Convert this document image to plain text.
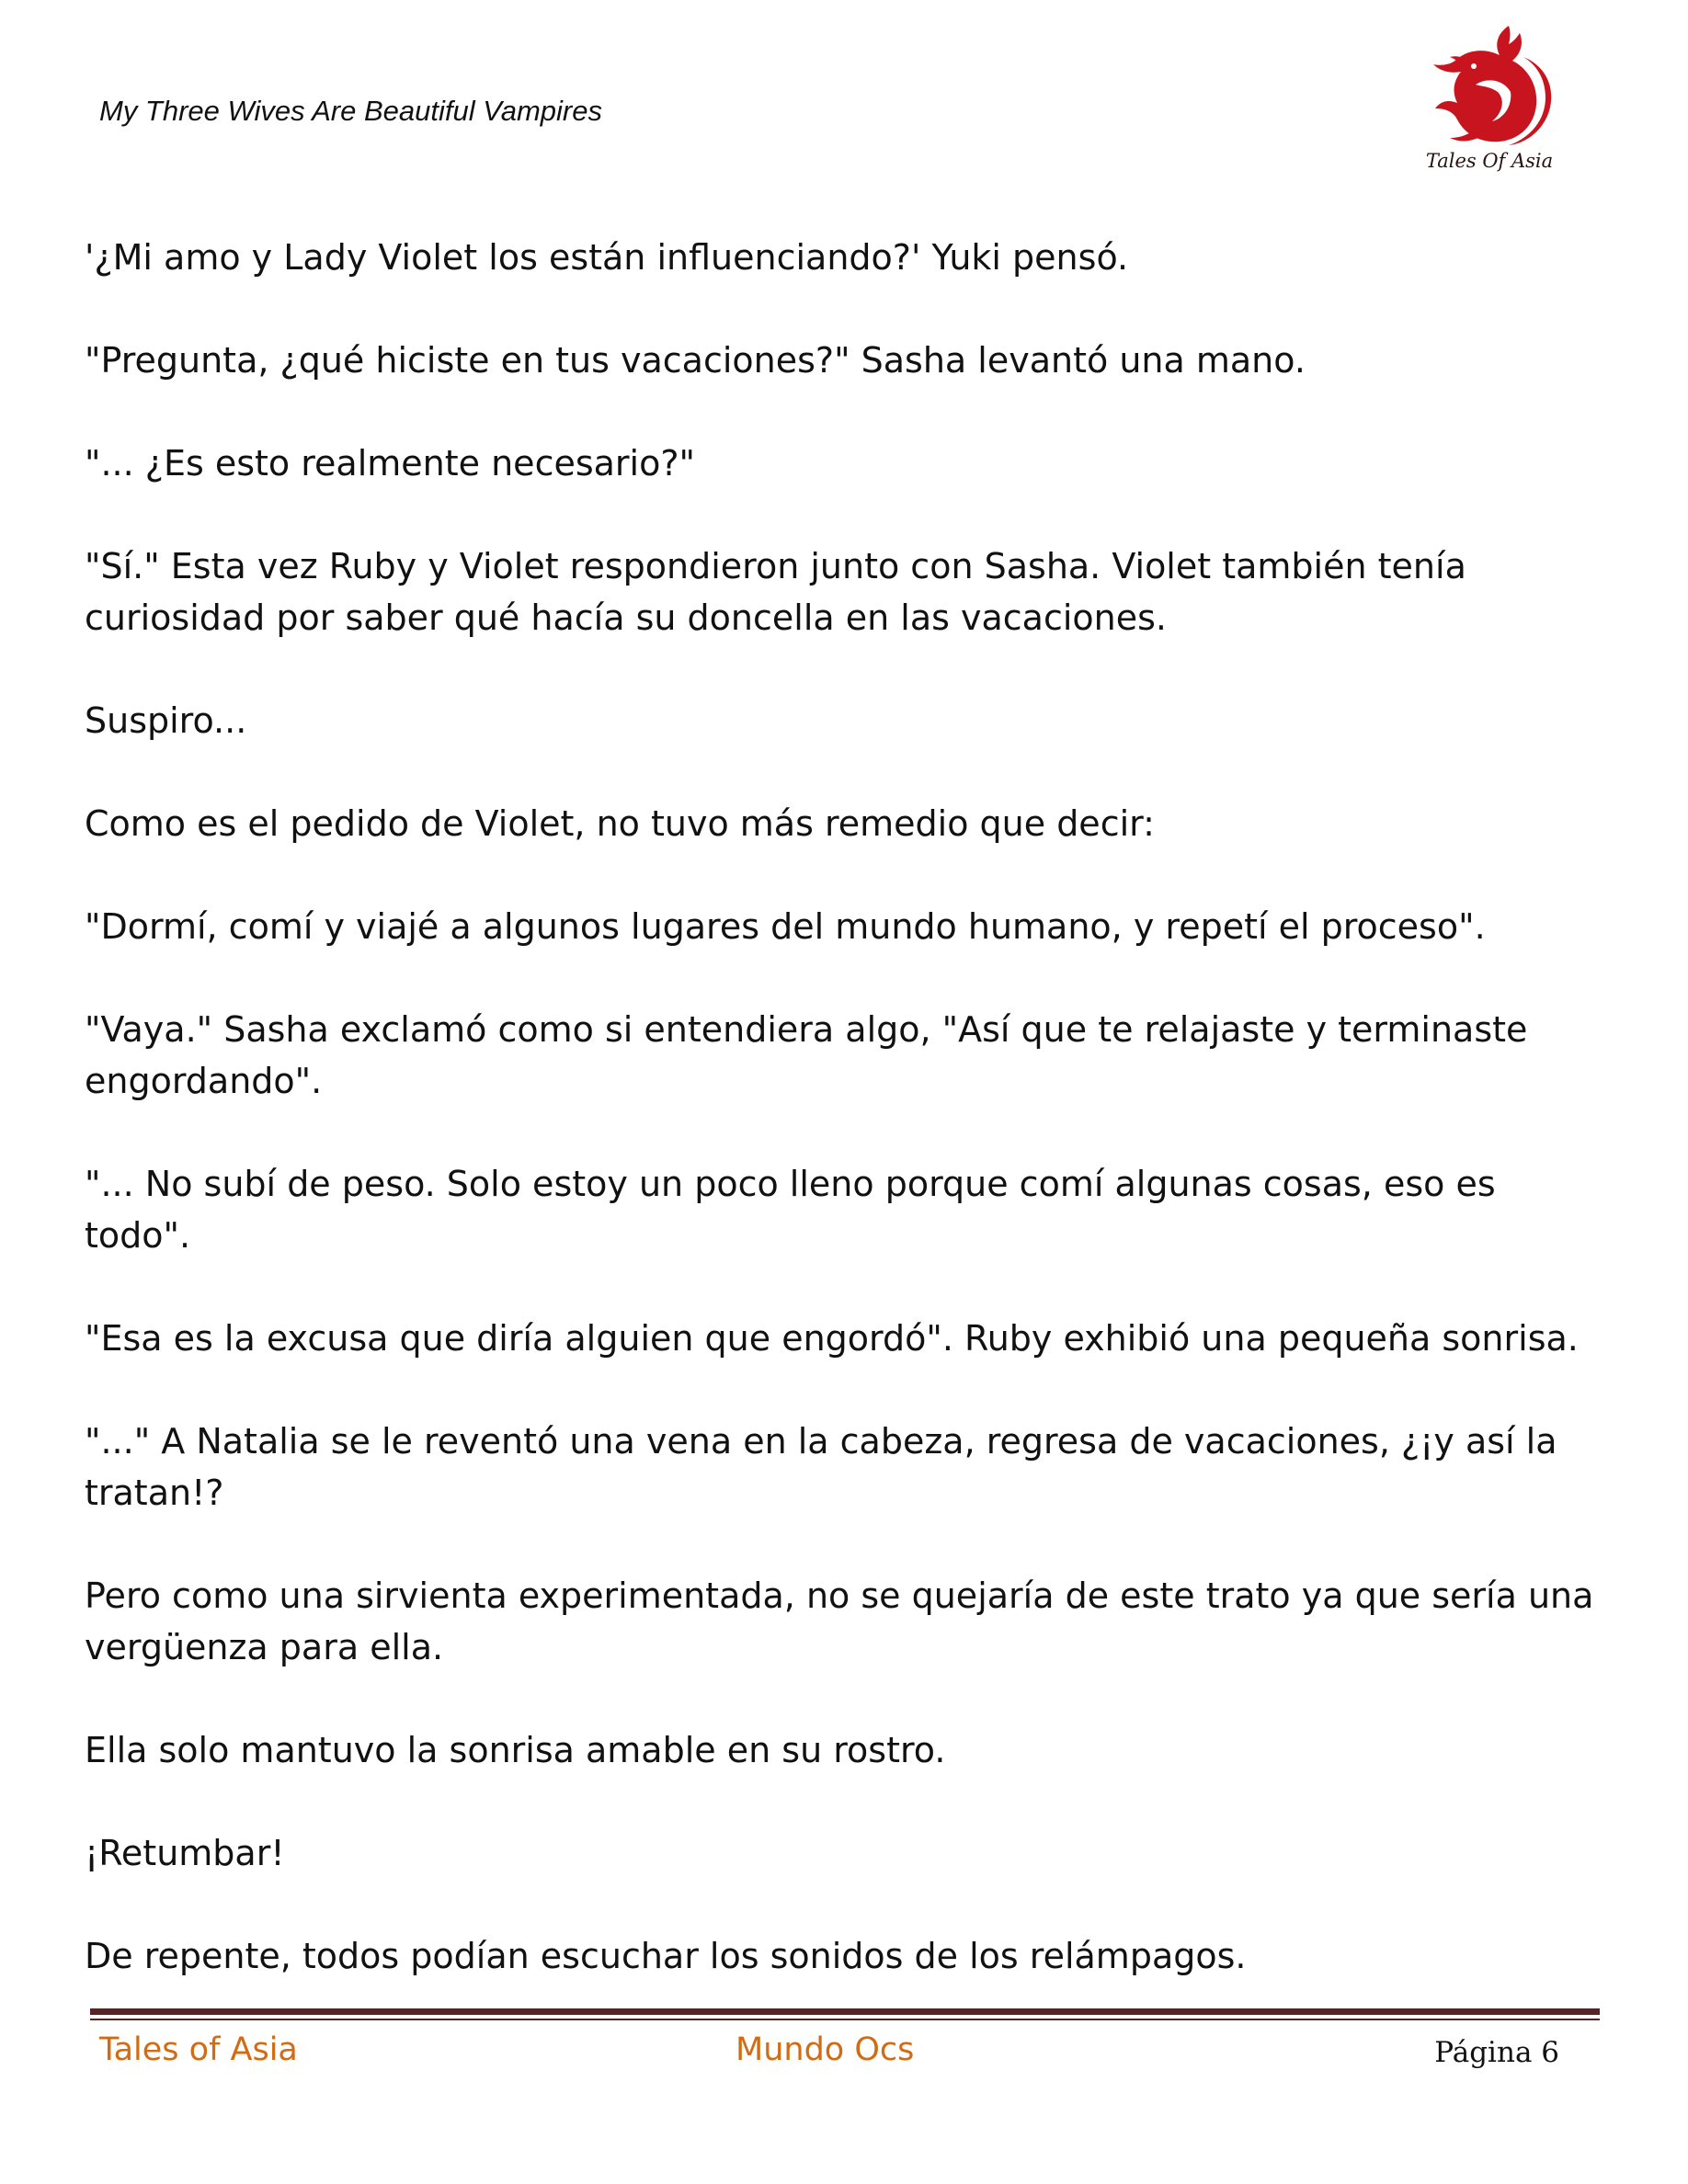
My Three Wives Are Beautiful Vampires
Tales Of Asia

'¿Mi amo y Lady Violet los están influenciando?' Yuki pensó.

"Pregunta, ¿qué hiciste en tus vacaciones?" Sasha levantó una mano.

"... ¿Es esto realmente necesario?"

"Sí." Esta vez Ruby y Violet respondieron junto con Sasha. Violet también tenía curiosidad por saber qué hacía su doncella en las vacaciones.

Suspiro...

Como es el pedido de Violet, no tuvo más remedio que decir:

"Dormí, comí y viajé a algunos lugares del mundo humano, y repetí el proceso".

"Vaya." Sasha exclamó como si entendiera algo, "Así que te relajaste y terminaste engordando".

"... No subí de peso. Solo estoy un poco lleno porque comí algunas cosas, eso es todo".

"Esa es la excusa que diría alguien que engordó". Ruby exhibió una pequeña sonrisa.

"..." A Natalia se le reventó una vena en la cabeza, regresa de vacaciones, ¿¡y así la tratan!?

Pero como una sirvienta experimentada, no se quejaría de este trato ya que sería una vergüenza para ella.

Ella solo mantuvo la sonrisa amable en su rostro.

¡Retumbar!

De repente, todos podían escuchar los sonidos de los relámpagos.

Tales of Asia	Mundo Ocs	Página 6
